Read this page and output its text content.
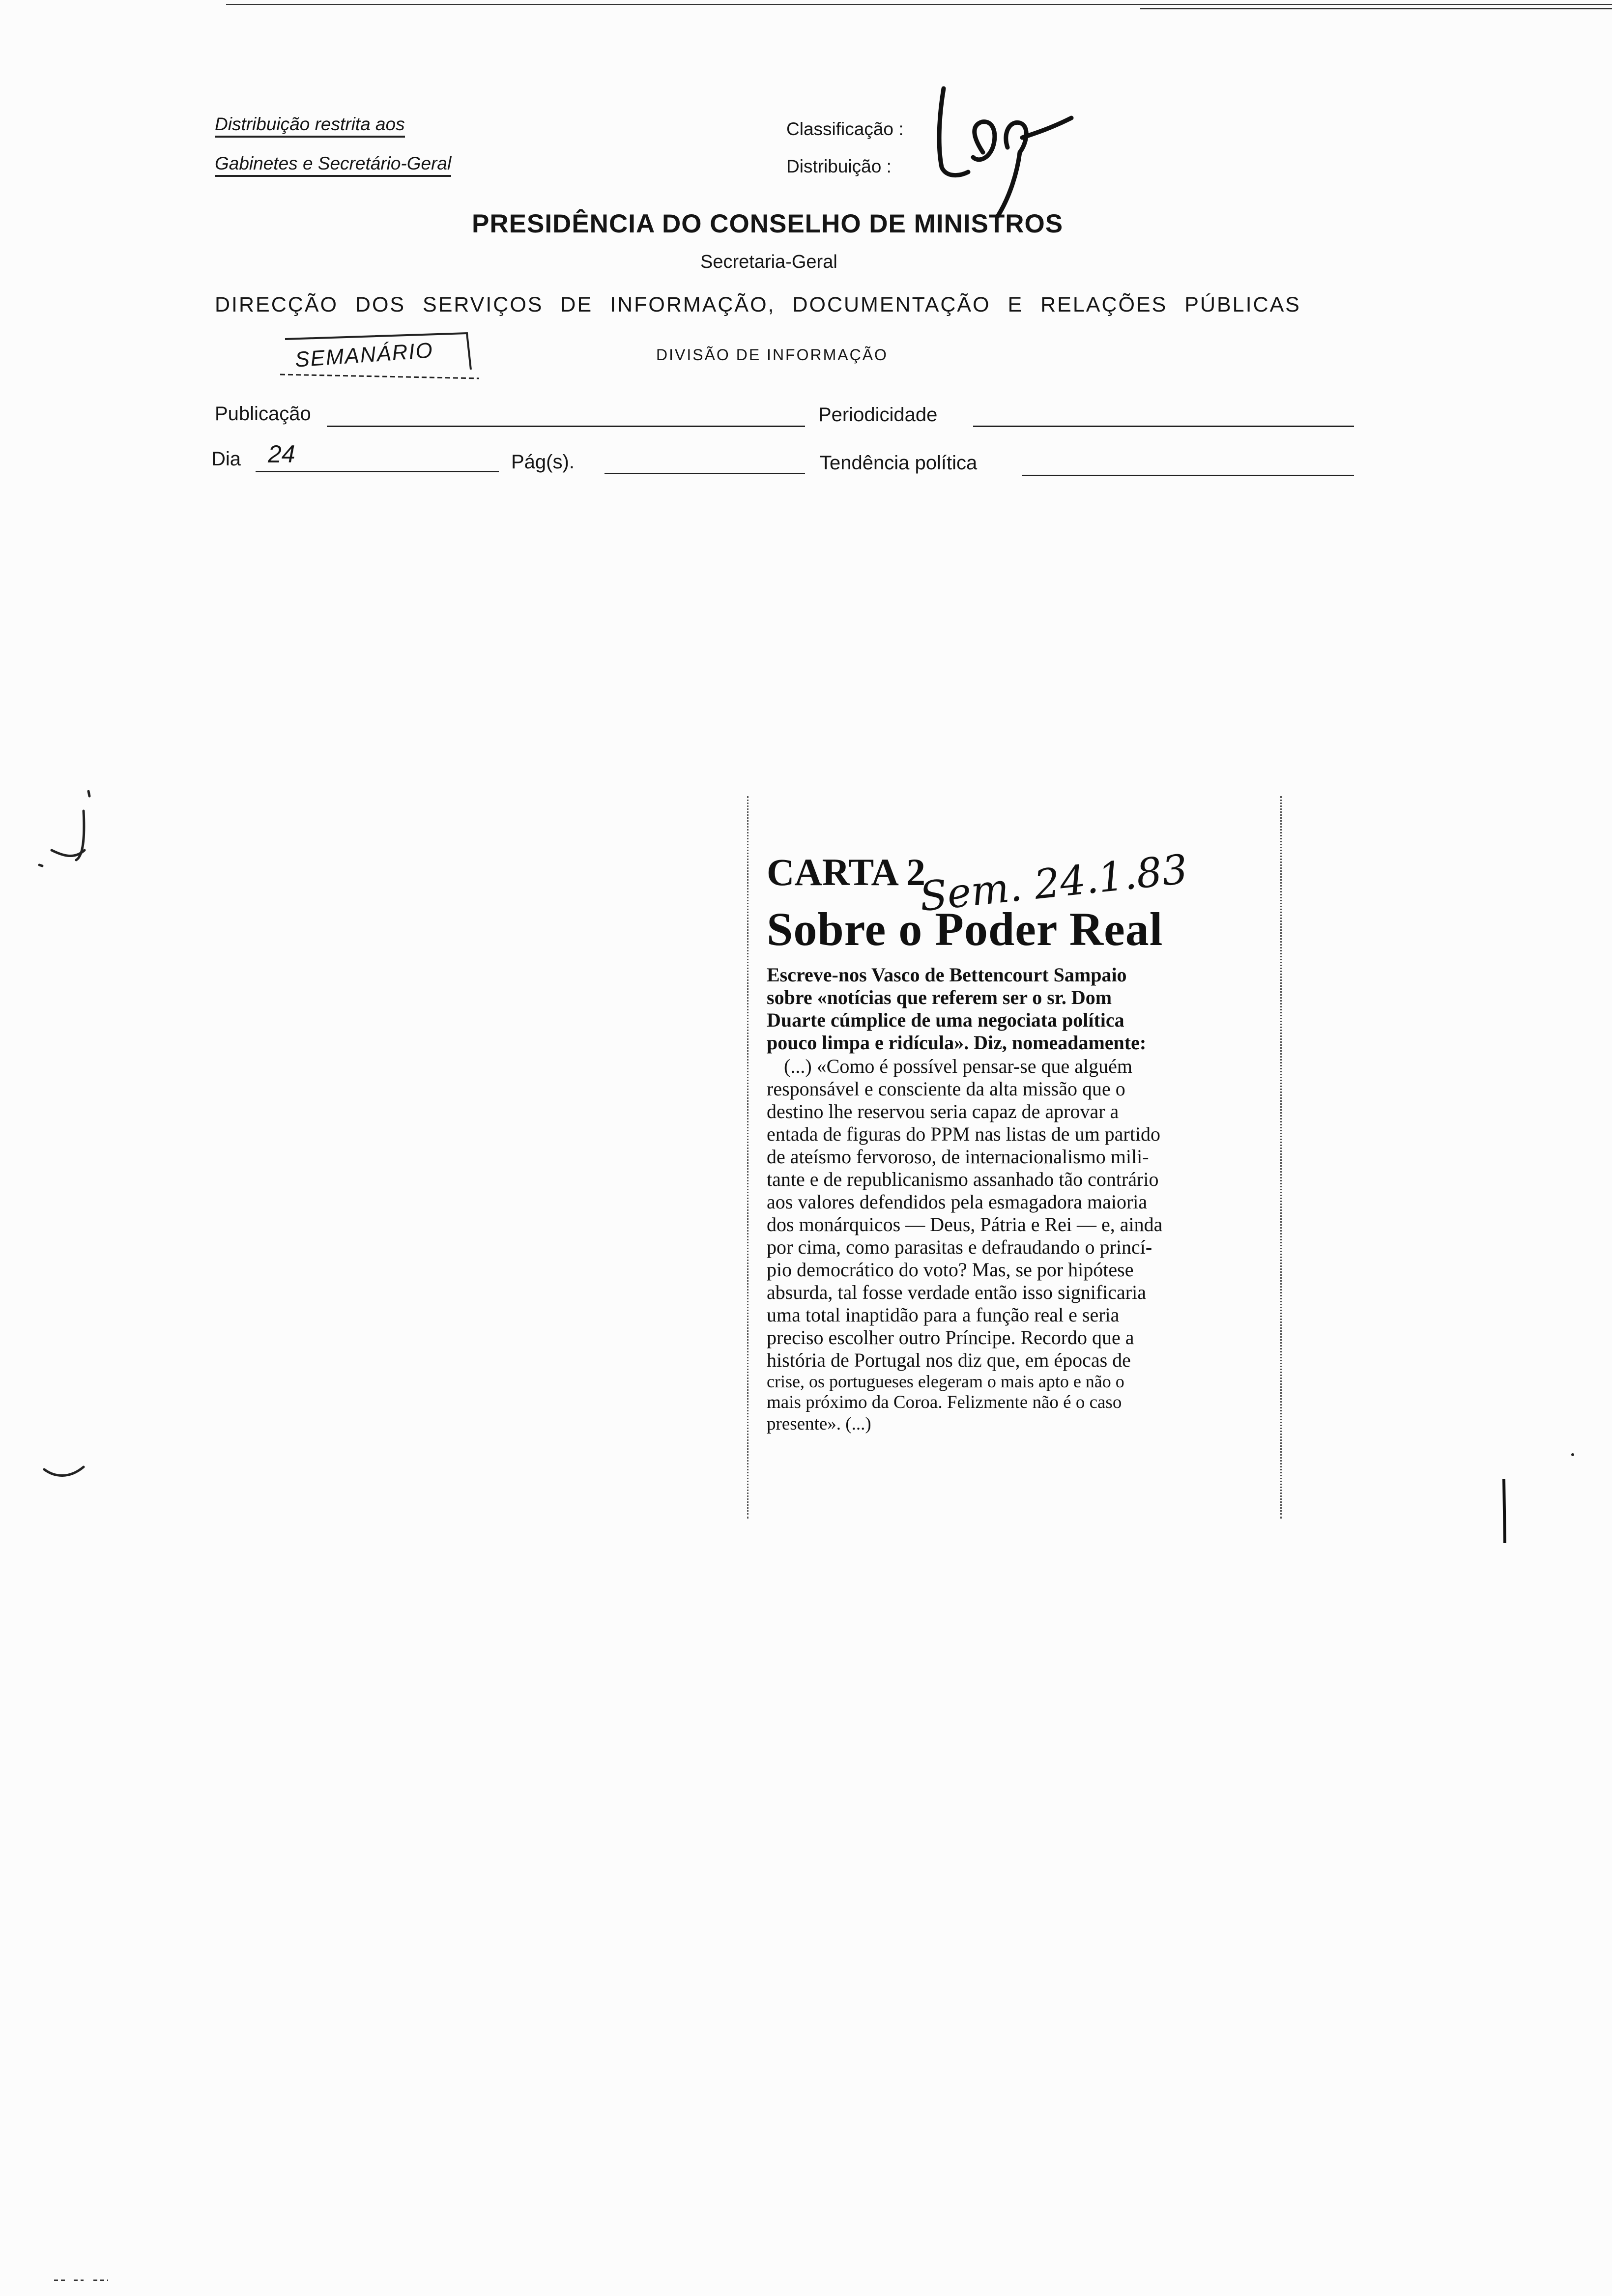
Distribuição restrita aos
Gabinetes e Secretário-Geral
Classificação :
Distribuição :
PRESIDÊNCIA DO CONSELHO DE MINISTROS
Secretaria-Geral
DIRECÇÃO DOS SERVIÇOS DE INFORMAÇÃO, DOCUMENTAÇÃO E RELAÇÕES PÚBLICAS
DIVISÃO DE INFORMAÇÃO
SEMANÁRIO
Publicação	Periodicidade
Dia 24	Pág(s).	Tendência política
CARTA 2
Sobre o Poder Real
Sem. 24.1.83
Escreve-nos Vasco de Bettencourt Sampaio
sobre «notícias que referem ser o sr. Dom
Duarte cúmplice de uma negociata política
pouco limpa e ridícula». Diz, nomeadamente:
(...) «Como é possível pensar-se que alguém
responsável e consciente da alta missão que o
destino lhe reservou seria capaz de aprovar a
entada de figuras do PPM nas listas de um partido
de ateísmo fervoroso, de internacionalismo mili-
tante e de republicanismo assanhado tão contrário
aos valores defendidos pela esmagadora maioria
dos monárquicos — Deus, Pátria e Rei — e, ainda
por cima, como parasitas e defraudando o princí-
pio democrático do voto? Mas, se por hipótese
absurda, tal fosse verdade então isso significaria
uma total inaptidão para a função real e seria
preciso escolher outro Príncipe. Recordo que a
história de Portugal nos diz que, em épocas de
crise, os portugueses elegeram o mais apto e não o
mais próximo da Coroa. Felizmente não é o caso
presente». (...)
